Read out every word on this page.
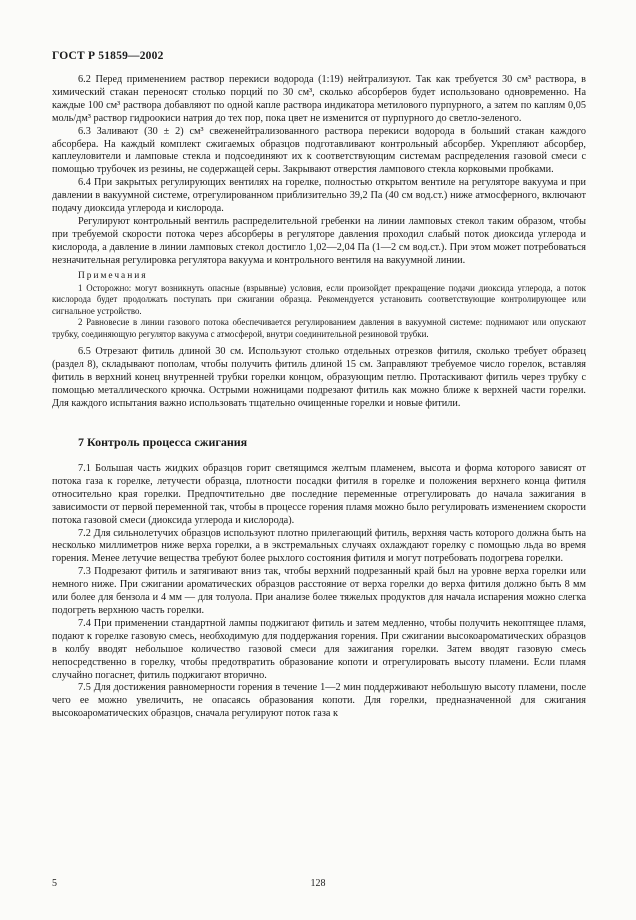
ГОСТ Р 51859—2002

6.2 Перед применением раствор перекиси водорода (1:19) нейтрализуют. Так как требуется 30 см³ раствора, в химический стакан переносят столько порций по 30 см³, сколько абсорберов будет использовано одновременно. На каждые 100 см³ раствора добавляют по одной капле раствора индикатора метилового пурпурного, а затем по каплям 0,05 моль/дм³ раствор гидроокиси натрия до тех пор, пока цвет не изменится от пурпурного до светло-зеленого.

6.3 Заливают (30 ± 2) см³ свеженейтрализованного раствора перекиси водорода в больший стакан каждого абсорбера. На каждый комплект сжигаемых образцов подготавливают контрольный абсорбер. Укрепляют абсорбер, каплеуловители и ламповые стекла и подсоединяют их к соответствующим системам распределения газовой смеси с помощью трубочек из резины, не содержащей серы. Закрывают отверстия лампового стекла корковыми пробками.

6.4 При закрытых регулирующих вентилях на горелке, полностью открытом вентиле на регуляторе вакуума и при давлении в вакуумной системе, отрегулированном приблизительно 39,2 Па (40 см вод.ст.) ниже атмосферного, включают подачу диоксида углерода и кислорода.

Регулируют контрольный вентиль распределительной гребенки на линии ламповых стекол таким образом, чтобы при требуемой скорости потока через абсорберы в регуляторе давления проходил слабый поток диоксида углерода и кислорода, а давление в линии ламповых стекол достигло 1,02—2,04 Па (1—2 см вод.ст.). При этом может потребоваться незначительная регулировка регулятора вакуума и контрольного вентиля на вакуумной линии.

Примечания

1 Осторожно: могут возникнуть опасные (взрывные) условия, если произойдет прекращение подачи диоксида углерода, а поток кислорода будет продолжать поступать при сжигании образца. Рекомендуется установить соответствующие контролирующее или сигнальное устройство.

2 Равновесие в линии газового потока обеспечивается регулированием давления в вакуумной системе: поднимают или опускают трубку, соединяющую регулятор вакуума с атмосферой, внутри соединительной резиновой трубки.

6.5 Отрезают фитиль длиной 30 см. Используют столько отдельных отрезков фитиля, сколько требует образец (раздел 8), складывают пополам, чтобы получить фитиль длиной 15 см. Заправляют требуемое число горелок, вставляя фитиль в верхний конец внутренней трубки горелки концом, образующим петлю. Протаскивают фитиль через трубку с помощью металлического крючка. Острыми ножницами подрезают фитиль как можно ближе к верхней части горелки. Для каждого испытания важно использовать тщательно очищенные горелки и новые фитили.

7 Контроль процесса сжигания

7.1 Большая часть жидких образцов горит светящимся желтым пламенем, высота и форма которого зависят от потока газа к горелке, летучести образца, плотности посадки фитиля в горелке и положения верхнего конца фитиля относительно края горелки. Предпочтительно две последние переменные отрегулировать до начала зажигания в зависимости от первой переменной так, чтобы в процессе горения пламя можно было регулировать изменением скорости потока газовой смеси (диоксида углерода и кислорода).

7.2 Для сильнолетучих образцов используют плотно прилегающий фитиль, верхняя часть которого должна быть на несколько миллиметров ниже верха горелки, а в экстремальных случаях охлаждают горелку с помощью льда во время горения. Менее летучие вещества требуют более рыхлого состояния фитиля и могут потребовать подогрева горелки.

7.3 Подрезают фитиль и затягивают вниз так, чтобы верхний подрезанный край был на уровне верха горелки или немного ниже. При сжигании ароматических образцов расстояние от верха горелки до верха фитиля должно быть 8 мм или более для бензола и 4 мм — для толуола. При анализе более тяжелых продуктов для начала испарения можно слегка подогреть верхнюю часть горелки.

7.4 При применении стандартной лампы поджигают фитиль и затем медленно, чтобы получить некоптящее пламя, подают к горелке газовую смесь, необходимую для поддержания горения. При сжигании высокоароматических образцов в колбу вводят небольшое количество газовой смеси для зажигания горелки. Затем вводят газовую смесь непосредственно в горелку, чтобы предотвратить образование копоти и отрегулировать высоту пламени. Если пламя случайно погаснет, фитиль поджигают вторично.

7.5 Для достижения равномерности горения в течение 1—2 мин поддерживают небольшую высоту пламени, после чего ее можно увеличить, не опасаясь образования копоти. Для горелки, предназначенной для сжигания высокоароматических образцов, сначала регулируют поток газа к

5	128
